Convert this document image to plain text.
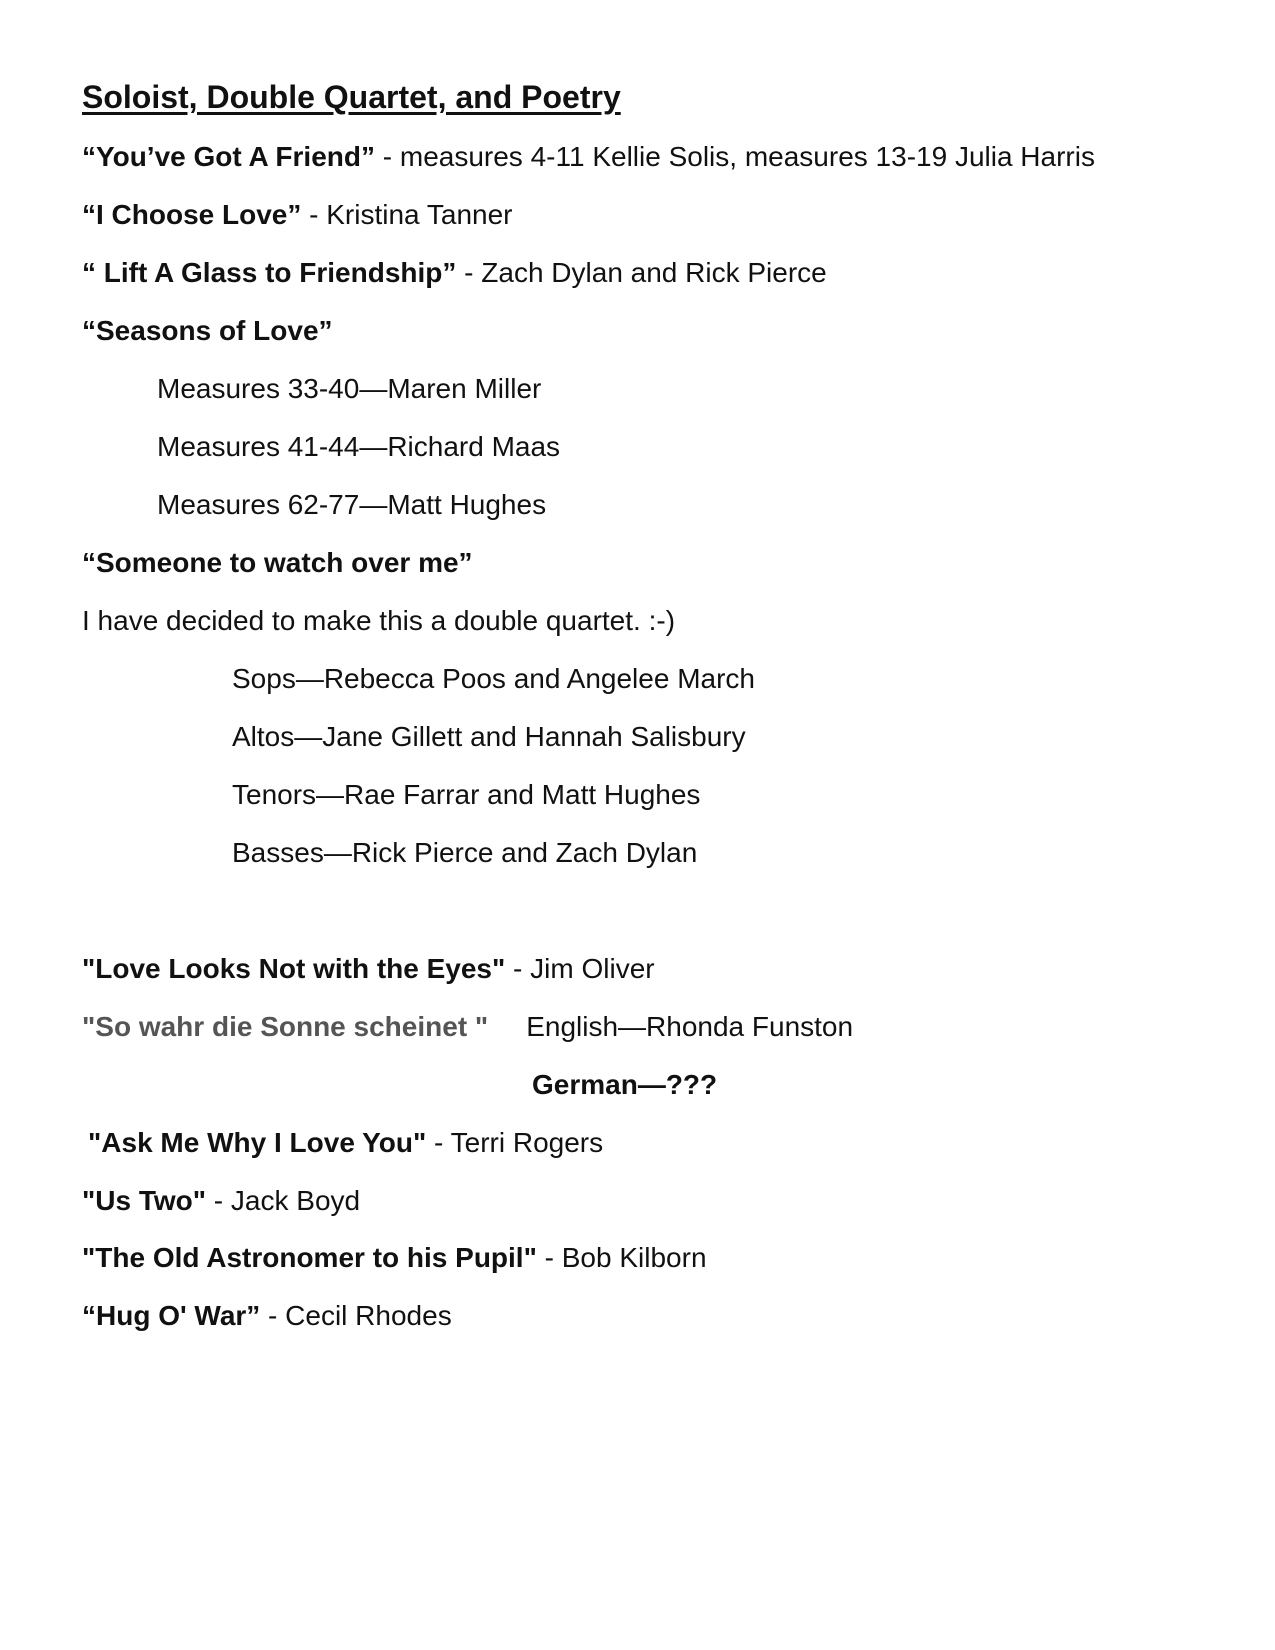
Soloist, Double Quartet, and Poetry
“You’ve Got A Friend” - measures 4-11 Kellie Solis, measures 13-19 Julia Harris
“I Choose Love” - Kristina Tanner
“ Lift A Glass to Friendship” - Zach Dylan and Rick Pierce
“Seasons of Love”
Measures 33-40—Maren Miller
Measures 41-44—Richard Maas
Measures 62-77—Matt Hughes
“Someone to watch over me”
I have decided to make this a double quartet. :-)
Sops—Rebecca Poos and Angelee March
Altos—Jane Gillett and Hannah Salisbury
Tenors—Rae Farrar and Matt Hughes
Basses—Rick Pierce and Zach Dylan
"Love Looks Not with the Eyes" - Jim Oliver
"So wahr die Sonne scheinet " English—Rhonda Funston
German—???
"Ask Me Why I Love You" - Terri Rogers
"Us Two" - Jack Boyd
"The Old Astronomer to his Pupil" - Bob Kilborn
“Hug O' War” - Cecil Rhodes
